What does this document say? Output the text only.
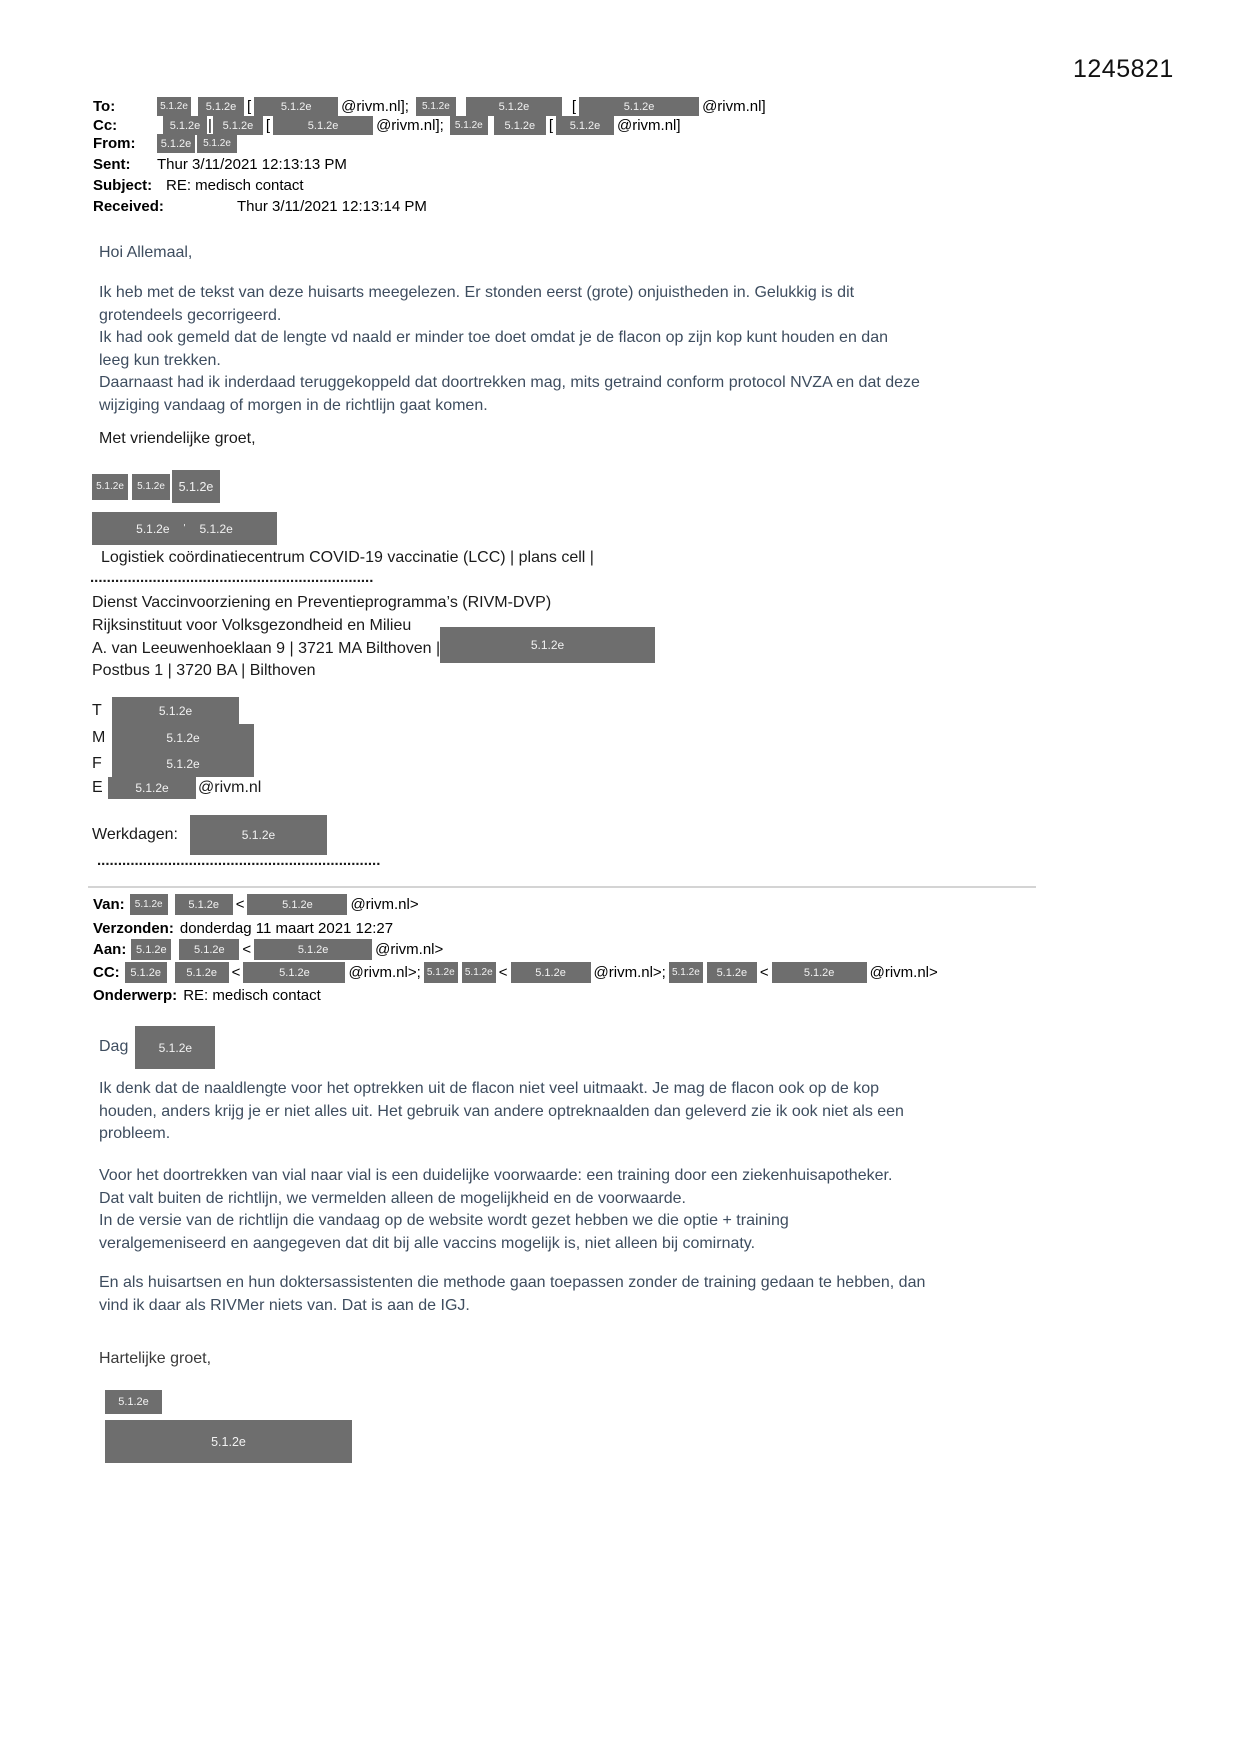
1245821
To:	5.1.2e	5.1.2e [	5.1.2e	@rivm.nl];	5.1.2e	5.1.2e	[	5.1.2e	@rivm.nl]
Cc:	5.1.2e | 5.1.2e [	5.1.2e	@rivm.nl];	5.1.2e	5.1.2e [	5.1.2e	@rivm.nl]
From:	5.1.2e	5.1.2e
Sent:	Thur 3/11/2021 12:13:13 PM
Subject: RE: medisch contact
Received:	Thur 3/11/2021 12:13:14 PM
Hoi Allemaal,
Ik heb met de tekst van deze huisarts meegelezen. Er stonden eerst (grote) onjuistheden in. Gelukkig is dit
grotendeels gecorrigeerd.
Ik had ook gemeld dat de lengte vd naald er minder toe doet omdat je de flacon op zijn kop kunt houden en dan
leeg kun trekken.
Daarnaast had ik inderdaad teruggekoppeld dat doortrekken mag, mits getraind conform protocol NVZA en dat deze
wijziging vandaag of morgen in de richtlijn gaat komen.
Met vriendelijke groet,
5.1.2e	5.1.2e	5.1.2e
5.1.2e ' 5.1.2e
Logistiek coördinatiecentrum COVID-19 vaccinatie (LCC) | plans cell |
....................................................................
Dienst Vaccinvoorziening en Preventieprogramma’s (RIVM-DVP)
Rijksinstituut voor Volksgezondheid en Milieu
A. van Leeuwenhoeklaan 9 | 3721 MA Bilthoven |	5.1.2e
Postbus 1 | 3720 BA | Bilthoven
T	5.1.2e
M	5.1.2e
F	5.1.2e
E	5.1.2e	@rivm.nl
Werkdagen:	5.1.2e
....................................................................
Van:	5.1.2e	5.1.2e	<	5.1.2e	@rivm.nl>
Verzonden: donderdag 11 maart 2021 12:27
Aan: 5.1.2e	5.1.2e	<	5.1.2e	@rivm.nl>
CC: 5.1.2e	5.1.2e <	5.1.2e	@rivm.nl>; 5.1.2e	5.1.2e <	5.1.2e	@rivm.nl>; 5.1.2e	5.1.2e <	5.1.2e	@rivm.nl>
Onderwerp: RE: medisch contact
Dag	5.1.2e
Ik denk dat de naaldlengte voor het optrekken uit de flacon niet veel uitmaakt. Je mag de flacon ook op de kop
houden, anders krijg je er niet alles uit. Het gebruik van andere optreknaalden dan geleverd zie ik ook niet als een
probleem.
Voor het doortrekken van vial naar vial is een duidelijke voorwaarde: een training door een ziekenhuisapotheker.
Dat valt buiten de richtlijn, we vermelden alleen de mogelijkheid en de voorwaarde.
In de versie van de richtlijn die vandaag op de website wordt gezet hebben we die optie + training
veralgemeniseerd en aangegeven dat dit bij alle vaccins mogelijk is, niet alleen bij comirnaty.
En als huisartsen en hun doktersassistenten die methode gaan toepassen zonder de training gedaan te hebben, dan
vind ik daar als RIVMer niets van. Dat is aan de IGJ.
Hartelijke groet,
5.1.2e
5.1.2e
